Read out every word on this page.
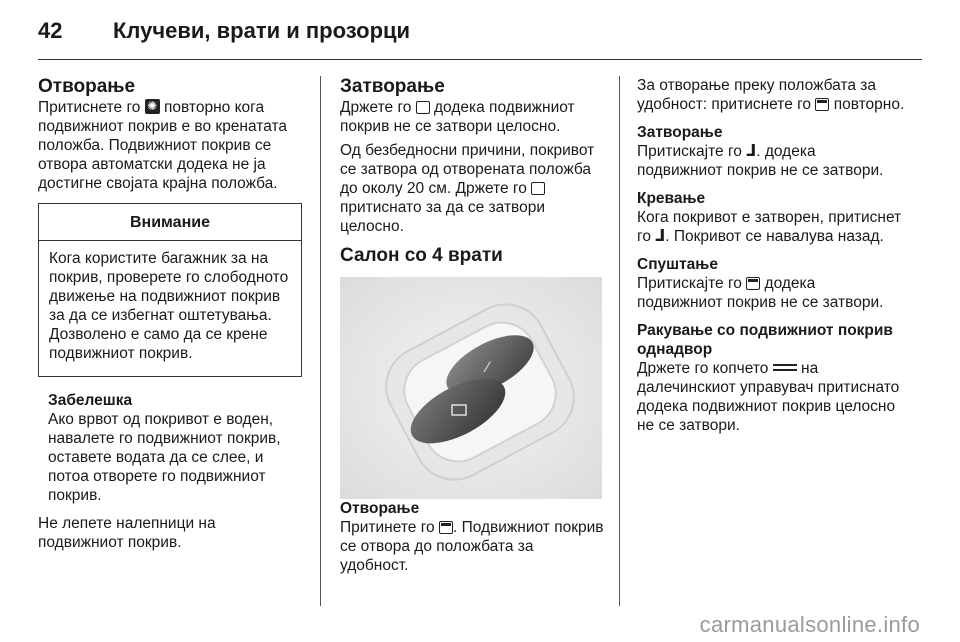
42	Клучеви, врати и прозорци

Отворање

Притиснете го ✺ повторно кога подвижниот покрив е во кренатата положба. Подвижниот покрив се отвора автоматски додека не ја достигне својата крајна положба.

Внимание
Кога користите багажник за на покрив, проверете го слободното движење на подвижниот покрив за да се избегнат оштетувања. Дозволено е само да се крене подвижниот покрив.

Забелешка

Ако врвот од покривот е воден, навалете го подвижниот покрив, оставете водата да се слее, и потоа отворете го подвижниот покрив.

Не лепете налепници на подвижниот покрив.

Затворање

Држете го додека подвижниот покрив не се затвори целосно.

Од безбедносни причини, покривот се затвора од отворената положба до околу 20 см. Држете го  притиснато за да се затвори целосно.

Салон со 4 врати

⁄

Отворање

Притинете го . Подвижниот покрив се отвора до положбата за удобност.

За отворање преку положбата за удобност: притиснете го повторно.

Затворање

Притискајте го ᒧ. додека подвижниот покрив не се затвори.

Кревање

Кога покривот е затворен, притиснет го ᒧ. Покривот се навалува назад.

Спуштање

Притискајте го додека подвижниот покрив не се затвори.

Ракување со подвижниот покрив однадвор

Држете го копчето на далечинскиот управувач притиснато додека подвижниот покрив целосно не се затвори.

carmanualsonline.info
